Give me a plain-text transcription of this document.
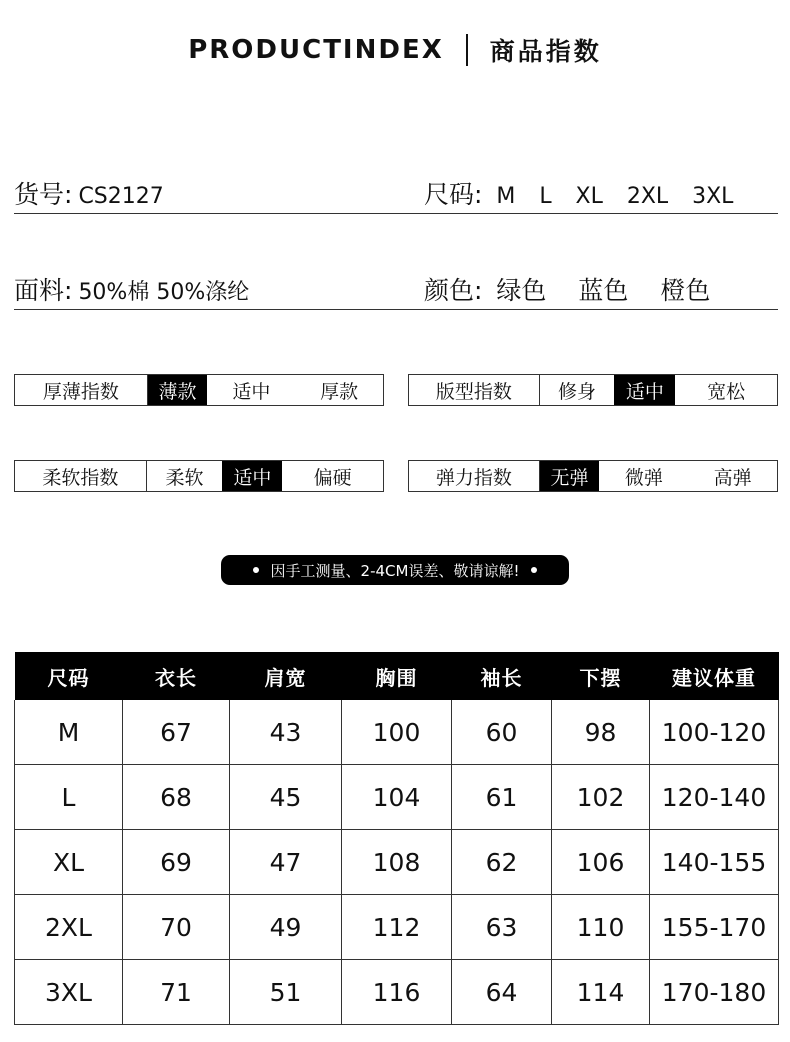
PRODUCTINDEX 商品指数
货号: CS2127	尺码: M L XL 2XL 3XL
面料: 50%棉 50%涤纶	颜色: 绿色 蓝色 橙色
厚薄指数	薄款	适中	厚款	版型指数	修身	适中	宽松
柔软指数	柔软	适中	偏硬	弹力指数	无弹	微弹	高弹
因手工测量、2-4CM误差、敬请谅解!
尺码	衣长	肩宽	胸围	袖长	下摆	建议体重
M	67	43	100	60	98	100-120
L	68	45	104	61	102	120-140
XL	69	47	108	62	106	140-155
2XL	70	49	112	63	110	155-170
3XL	71	51	116	64	114	170-180
